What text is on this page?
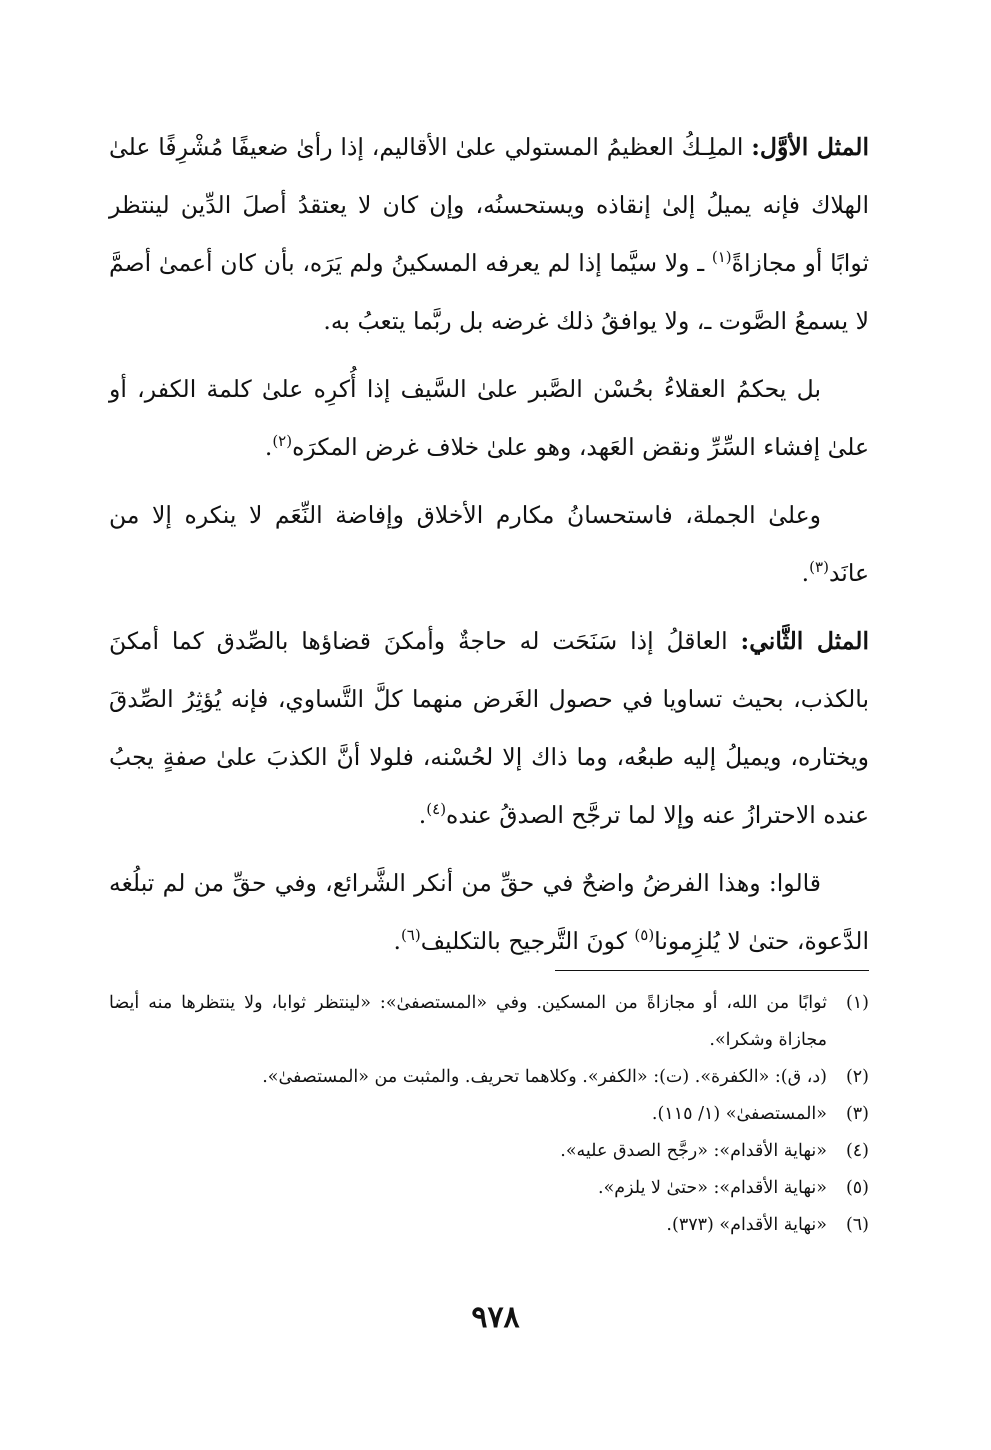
المثل الأوَّل: الملِـكُ العظيمُ المستولي علىٰ الأقاليم، إذا رأىٰ ضعيفًا مُشْرِفًا علىٰ الهلاك فإنه يميلُ إلىٰ إنقاذه ويستحسنُه، وإن كان لا يعتقدُ أصلَ الدِّين لينتظر ثوابًا أو مجازاةً$^{(١)}$ ـ ولا سيَّما إذا لم يعرفه المسكينُ ولم يَرَه، بأن كان أعمىٰ أصمَّ لا يسمعُ الصَّوت ـ، ولا يوافقُ ذلك غرضه بل ربَّما يتعبُ به.

بل يحكمُ العقلاءُ بحُسْن الصَّبر علىٰ السَّيف إذا أُكرِه علىٰ كلمة الكفر، أو علىٰ إفشاء السِّرِّ ونقض العَهد، وهو علىٰ خلاف غرض المكرَه$^{(٢)}$.

وعلىٰ الجملة، فاستحسانُ مكارم الأخلاق وإفاضة النِّعَم لا ينكره إلا من عانَد$^{(٣)}$.

المثل الثَّاني: العاقلُ إذا سَنَحَت له حاجةٌ وأمكنَ قضاؤها بالصِّدق كما أمكنَ بالكذب، بحيث تساويا في حصول الغَرض منهما كلَّ التَّساوي، فإنه يُؤثِرُ الصِّدقَ ويختاره، ويميلُ إليه طبعُه، وما ذاك إلا لحُسْنه، فلولا أنَّ الكذبَ علىٰ صفةٍ يجبُ عنده الاحترازُ عنه وإلا لما ترجَّح الصدقُ عنده$^{(٤)}$.

قالوا: وهذا الفرضُ واضحٌ في حقِّ من أنكر الشَّرائع، وفي حقِّ من لم تبلُغه الدَّعوة، حتىٰ لا يُلزِمونا$^{(٥)}$ كونَ التَّرجيح بالتكليف$^{(٦)}$.

(١)
ثوابًا من الله، أو مجازاةً من المسكين. وفي «المستصفىٰ»: «لينتظر ثوابا، ولا ينتظرها منه أيضا مجازاة وشكرا».
(٢)
(د، ق): «الكفرة». (ت): «الكفر». وكلاهما تحريف. والمثبت من «المستصفىٰ».
(٣)
«المستصفىٰ» (١/ ١١٥).
(٤)
«نهاية الأقدام»: «رجَّح الصدق عليه».
(٥)
«نهاية الأقدام»: «حتىٰ لا يلزم».
(٦)
«نهاية الأقدام» (٣٧٣).
٩٧٨
